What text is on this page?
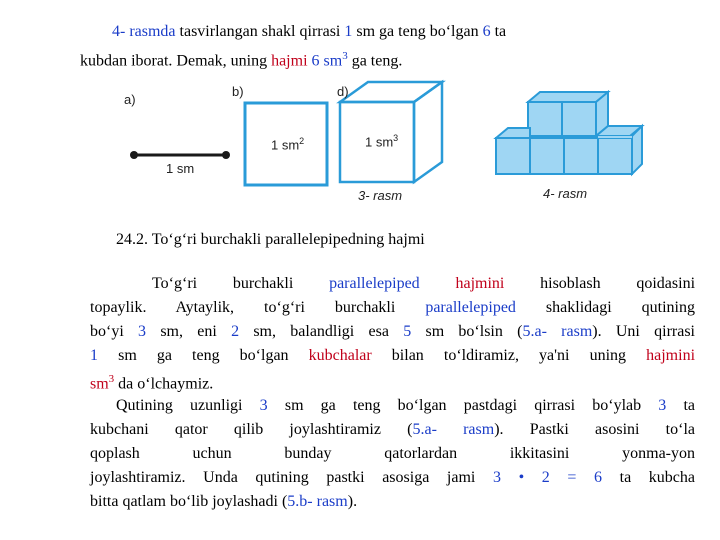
4- rasmda tasvirlangan shakl qirrasi 1 sm ga teng bo‘lgan 6 ta
kubdan iborat. Demak, uning hajmi 6 $sm^3$ ga teng.
a)
b)	d)
1 sm
1 $sm^2$	1 $sm^3$
3- rasm	4- rasm
24.2. To‘g‘ri burchakli parallelepipedning hajmi
To‘g‘ri burchakli parallelepiped hajmini hisoblash qoidasini
topaylik. Aytaylik, to‘g‘ri burchakli parallelepiped shaklidagi qutining
bo‘yi 3 sm, eni 2 sm, balandligi esa 5 sm bo‘lsin (5.a- rasm). Uni qirrasi
1 sm ga teng bo‘lgan kubchalar bilan to‘ldiramiz, ya'ni uning hajmini
$sm^3$ da o‘lchaymiz.
Qutining uzunligi 3 sm ga teng bo‘lgan pastdagi qirrasi bo‘ylab 3 ta
kubchani qator qilib joylashtiramiz (5.a- rasm). Pastki asosini to‘la
qoplash uchun bunday qatorlardan ikkitasini yonma-yon
joylashtiramiz. Unda qutining pastki asosiga jami 3 • 2 = 6 ta kubcha
bitta qatlam bo‘lib joylashadi (5.b- rasm).
